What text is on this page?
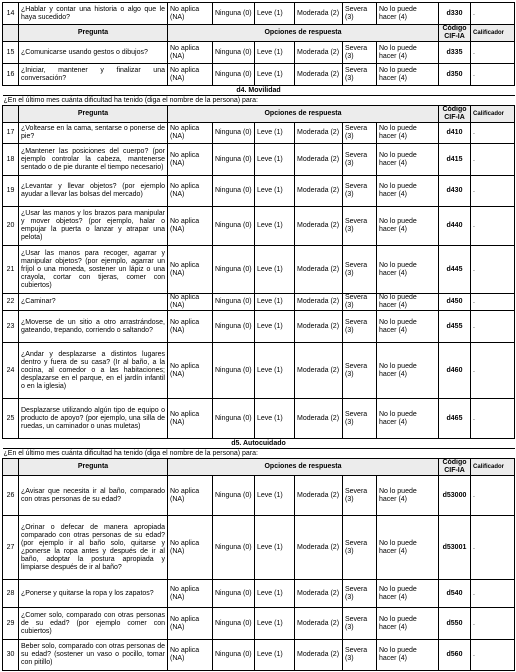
14	¿Hablar y contar una historia o algo que le haya sucedido?	No aplica (NA)	Ninguna (0)	Leve (1)	Moderada (2)	Severa (3)	No lo puede hacer (4)	d330	.
	Pregunta	Opciones de respuesta						Código CIF-IA	Calificador
15	¿Comunicarse usando gestos o dibujos?	No aplica (NA)	Ninguna (0)	Leve (1)	Moderada (2)	Severa (3)	No lo puede hacer (4)	d335	.
16	¿Iniciar, mantener y finalizar una conversación?	No aplica (NA)	Ninguna (0)	Leve (1)	Moderada (2)	Severa (3)	No lo puede hacer (4)	d350	.
d4. Movilidad									
¿En el último mes cuánta dificultad ha tenido (diga el nombre de la persona) para:									
	Pregunta	Opciones de respuesta						Código CIF-IA	Calificador
17	¿Voltearse en la cama, sentarse o ponerse de pie?	No aplica (NA)	Ninguna (0)	Leve (1)	Moderada (2)	Severa (3)	No lo puede hacer (4)	d410	.
18	¿Mantener las posiciones del cuerpo? (por ejemplo controlar la cabeza, mantenerse sentado o de pie durante el tiempo necesario)	No aplica (NA)	Ninguna (0)	Leve (1)	Moderada (2)	Severa (3)	No lo puede hacer (4)	d415	.
19	¿Levantar y llevar objetos? (por ejemplo ayudar a llevar las bolsas del mercado)	No aplica (NA)	Ninguna (0)	Leve (1)	Moderada (2)	Severa (3)	No lo puede hacer (4)	d430	.
20	¿Usar las manos y los brazos para manipular y mover objetos? (por ejemplo, halar o empujar la puerta o lanzar y atrapar una pelota)	No aplica (NA)	Ninguna (0)	Leve (1)	Moderada (2)	Severa (3)	No lo puede hacer (4)	d440	.
21	¿Usar las manos para recoger, agarrar y manipular objetos? (por ejemplo, agarrar un fríjol o una moneda, sostener un lápiz o una crayola, cortar con tijeras, comer con cubiertos)	No aplica (NA)	Ninguna (0)	Leve (1)	Moderada (2)	Severa (3)	No lo puede hacer (4)	d445	.
22	¿Caminar?	No aplica (NA)	Ninguna (0)	Leve (1)	Moderada (2)	Severa (3)	No lo puede hacer (4)	d450	.
23	¿Moverse de un sitio a otro arrastrándose, gateando, trepando, corriendo o saltando?	No aplica (NA)	Ninguna (0)	Leve (1)	Moderada (2)	Severa (3)	No lo puede hacer (4)	d455	.
24	¿Andar y desplazarse a distintos lugares dentro y fuera de su casa? (Ir al baño, a la cocina, al comedor o a las habitaciones; desplazarse en el parque, en el jardín infantil o en la iglesia)	No aplica (NA)	Ninguna (0)	Leve (1)	Moderada (2)	Severa (3)	No lo puede hacer (4)	d460	.
25	Desplazarse utilizando algún tipo de equipo o producto de apoyo? (por ejemplo, una silla de ruedas, un caminador o unas muletas)	No aplica (NA)	Ninguna (0)	Leve (1)	Moderada (2)	Severa (3)	No lo puede hacer (4)	d465	.
d5. Autocuidado									
¿En el último mes cuánta dificultad ha tenido (diga el nombre de la persona) para:									
	Pregunta	Opciones de respuesta						Código CIF-IA	Calificador
26	¿Avisar que necesita ir al baño, comparado con otras personas de su edad?	No aplica (NA)	Ninguna (0)	Leve (1)	Moderada (2)	Severa (3)	No lo puede hacer (4)	d53000	.
27	¿Orinar o defecar de manera apropiada comparado con otras personas de su edad? (por ejemplo ir al baño solo, quitarse y ¿ponerse la ropa antes y después de ir al baño, adoptar la postura apropiada y limpiarse después de ir al baño?	No aplica (NA)	Ninguna (0)	Leve (1)	Moderada (2)	Severa (3)	No lo puede hacer (4)	d53001	.
28	¿Ponerse y quitarse la ropa y los zapatos?	No aplica (NA)	Ninguna (0)	Leve (1)	Moderada (2)	Severa (3)	No lo puede hacer (4)	d540	.
29	¿Comer solo, comparado con otras personas de su edad? (por ejemplo comer con cubiertos)	No aplica (NA)	Ninguna (0)	Leve (1)	Moderada (2)	Severa (3)	No lo puede hacer (4)	d550	.
30	Beber solo, comparado con otras personas de su edad? (sostener un vaso o pocillo, tomar con pitillo)	No aplica (NA)	Ninguna (0)	Leve (1)	Moderada (2)	Severa (3)	No lo puede hacer (4)	d560	.
